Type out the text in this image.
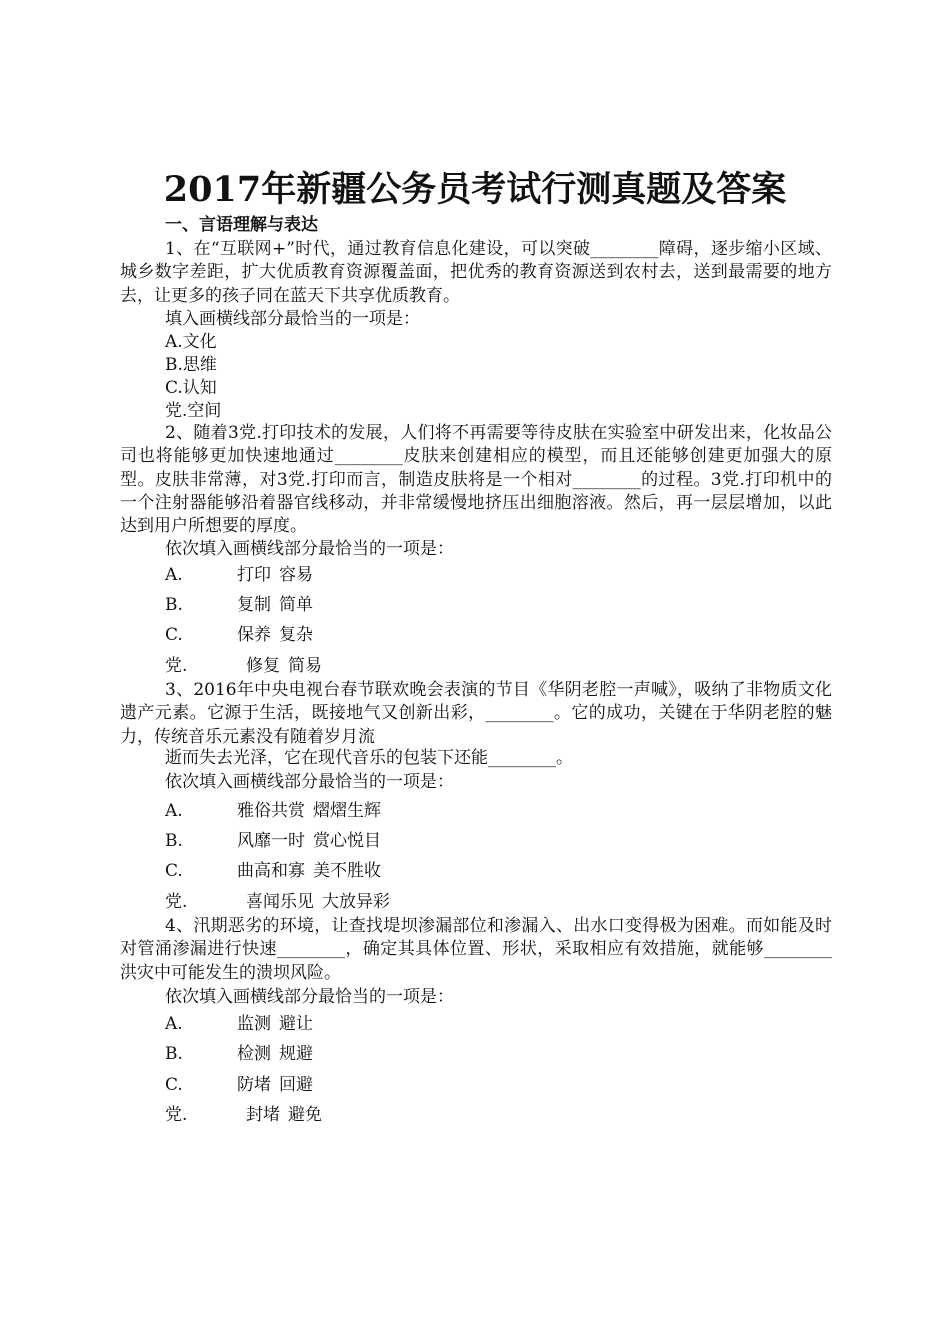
2017年新疆公务员考试行测真题及答案
一、言语理解与表达

1、在“互联网+”时代，通过教育信息化建设，可以突破________障碍，逐步缩小区域、城乡数字差距，扩大优质教育资源覆盖面，把优秀的教育资源送到农村去，送到最需要的地方去，让更多的孩子同在蓝天下共享优质教育。

填入画横线部分最恰当的一项是：
A.文化
B.思维
C.认知
党.空间

2、随着3党.打印技术的发展，人们将不再需要等待皮肤在实验室中研发出来，化妆品公司也将能够更加快速地通过________皮肤来创建相应的模型，而且还能够创建更加强大的原型。皮肤非常薄，对3党.打印而言，制造皮肤将是一个相对________的过程。3党.打印机中的一个注射器能够沿着器官线移动，并非常缓慢地挤压出细胞溶液。然后，再一层层增加，以此达到用户所想要的厚度。

依次填入画横线部分最恰当的一项是：
A.	打印 容易
B.	复制 简单
C.	保养 复杂
党.	修复 简易

3、2016年中央电视台春节联欢晚会表演的节目《华阴老腔一声喊》，吸纳了非物质文化遗产元素。它源于生活，既接地气又创新出彩，________。它的成功，关键在于华阴老腔的魅力，传统音乐元素没有随着岁月流

逝而失去光泽，它在现代音乐的包装下还能________。
依次填入画横线部分最恰当的一项是：
A.	雅俗共赏 熠熠生辉
B.	风靡一时 赏心悦目
C.	曲高和寡 美不胜收
党.	喜闻乐见 大放异彩

4、汛期恶劣的环境，让查找堤坝渗漏部位和渗漏入、出水口变得极为困难。而如能及时对管涌渗漏进行快速________，确定其具体位置、形状，采取相应有效措施，就能够________洪灾中可能发生的溃坝风险。

依次填入画横线部分最恰当的一项是：
A.	监测 避让
B.	检测 规避
C.	防堵 回避
党.	封堵 避免
